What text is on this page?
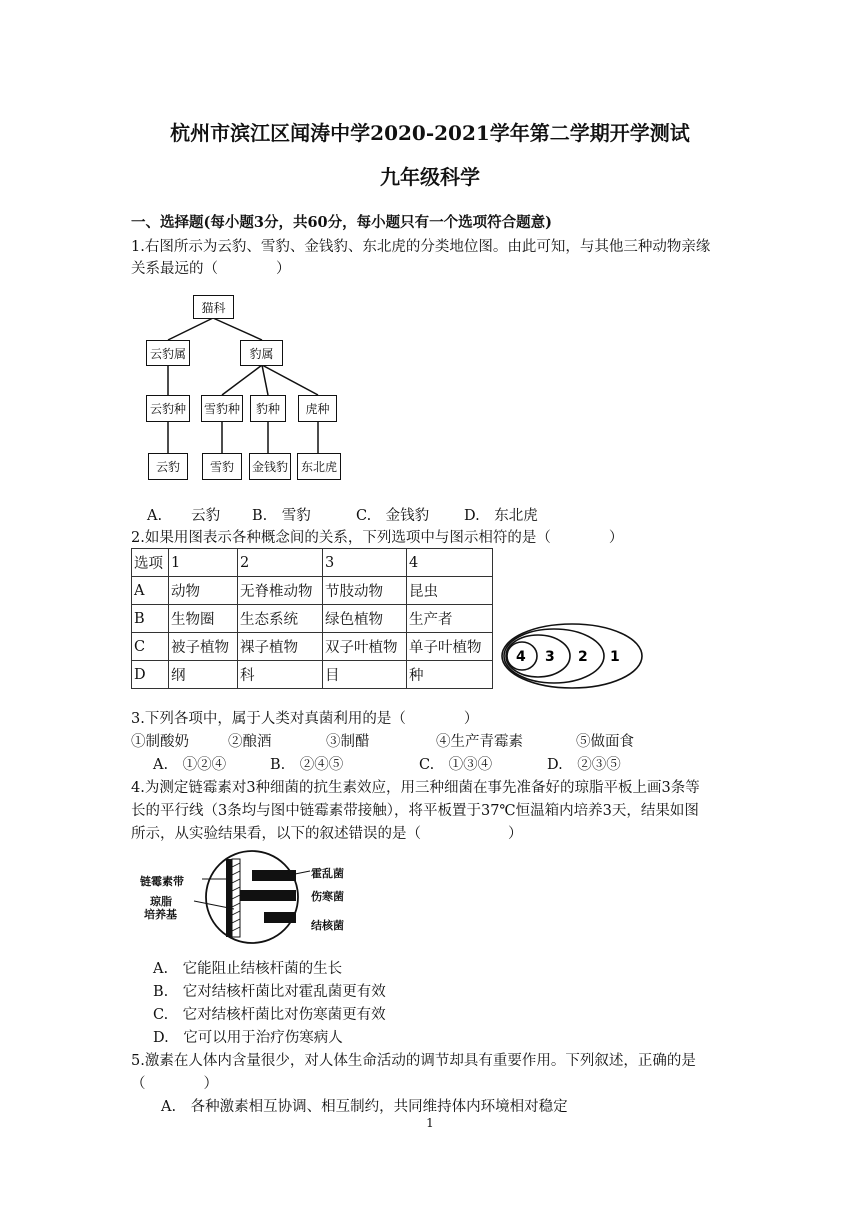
杭州市滨江区闻涛中学2020-2021学年第二学期开学测试
九年级科学
一、选择题(每小题3分，共60分，每小题只有一个选项符合题意)
1.右图所示为云豹、雪豹、金钱豹、东北虎的分类地位图。由此可知，与其他三种动物亲缘
关系最远的（　　　　）
猫科
云豹属	豹属
云豹种	雪豹种	豹种	虎种
云豹	雪豹	金钱豹	东北虎
A.　　云豹 B.　雪豹	C.　金钱豹 D.　东北虎
2.如果用图表示各种概念间的关系，下列选项中与图示相符的是（　　　　）
选项	1	2	3	4
A	动物	无脊椎动物	节肢动物	昆虫
B	生物圈	生态系统	绿色植物	生产者
C	被子植物	裸子植物	双子叶植物	单子叶植物
D	纲	科	目	种
4 3 2 1
3.下列各项中，属于人类对真菌利用的是（　　　　）
①制酸奶	②酿酒	③制醋	④生产青霉素	⑤做面食
A.　①②④	B.　②④⑤	C.　①③④	D.　②③⑤
4.为测定链霉素对3种细菌的抗生素效应，用三种细菌在事先准备好的琼脂平板上画3条等
长的平行线（3条均与图中链霉素带接触），将平板置于37℃恒温箱内培养3天，结果如图
所示，从实验结果看，以下的叙述错误的是（　　　　　　）
链霉素带
琼脂
培养基
霍乱菌
伤寒菌
结核菌
A.　它能阻止结核杆菌的生长
B.　它对结核杆菌比对霍乱菌更有效
C.　它对结核杆菌比对伤寒菌更有效
D.　它可以用于治疗伤寒病人
5.激素在人体内含量很少，对人体生命活动的调节却具有重要作用。下列叙述，正确的是
（　　　　）
A.　各种激素相互协调、相互制约，共同维持体内环境相对稳定
1
